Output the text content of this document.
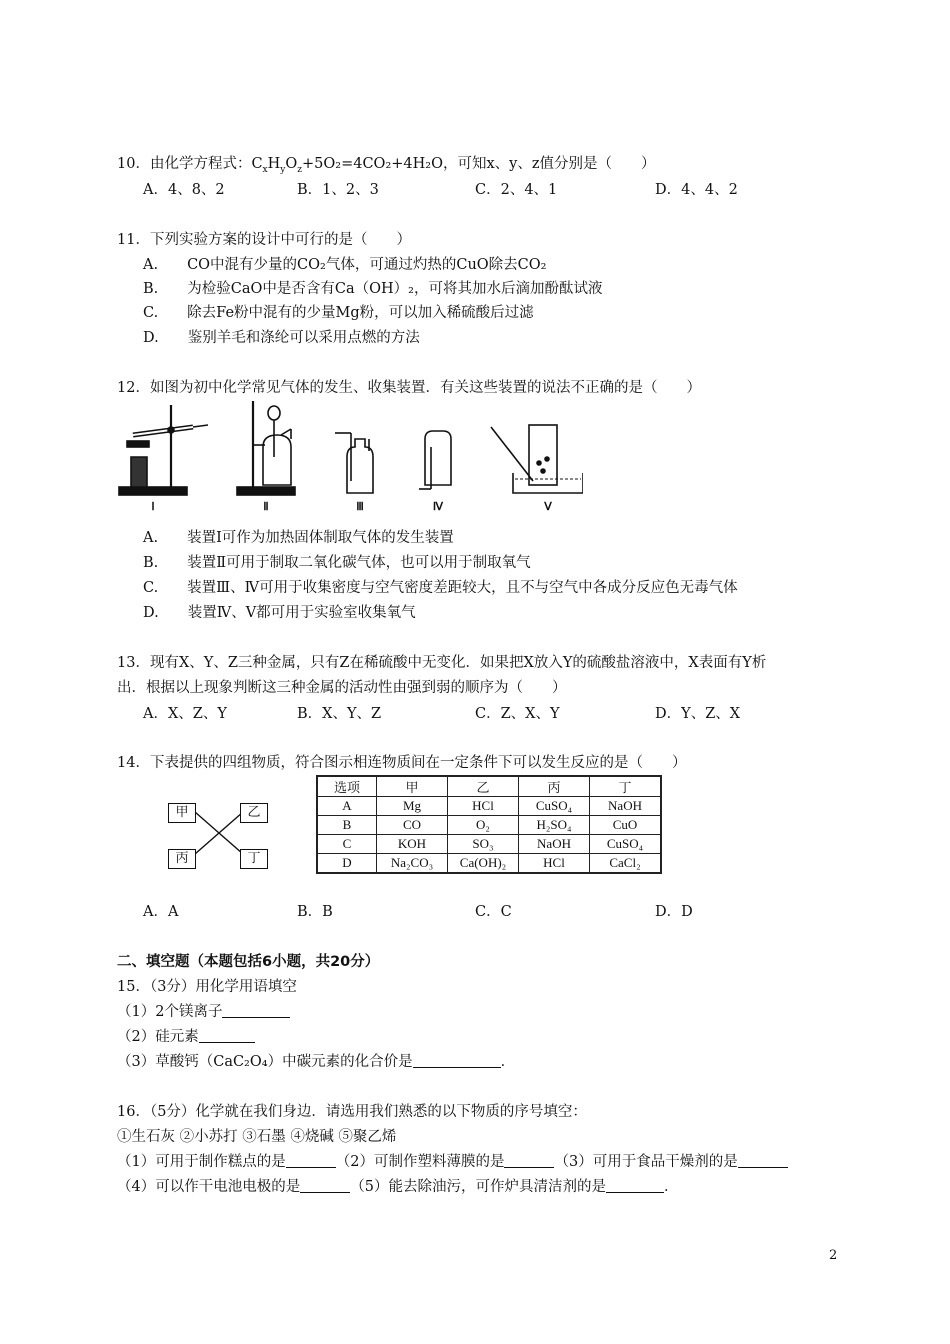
10．由化学方程式：$C_xH_yO_z+5O_2=4CO_2+4H_2O$，可知x、y、z值分别是（　　）
A．4、8、2	B．1、2、3	C．2、4、1	D．4、4、2
11．下列实验方案的设计中可行的是（　　）
A.　　CO中混有少量的CO₂气体，可通过灼热的CuO除去CO₂
B.　　为检验CaO中是否含有Ca（OH）₂，可将其加水后滴加酚酞试液
C.　　除去Fe粉中混有的少量Mg粉，可以加入稀硫酸后过滤
D.　　鉴别羊毛和涤纶可以采用点燃的方法
12．如图为初中化学常见气体的发生、收集装置．有关这些装置的说法不正确的是（　　）
Ⅰ	Ⅱ	Ⅲ	Ⅳ	Ⅴ
A.　　装置Ⅰ可作为加热固体制取气体的发生装置
B.　　装置Ⅱ可用于制取二氧化碳气体，也可以用于制取氧气
C.　　装置Ⅲ、Ⅳ可用于收集密度与空气密度差距较大，且不与空气中各成分反应色无毒气体
D.　　装置Ⅳ、Ⅴ都可用于实验室收集氧气
13．现有X、Y、Z三种金属，只有Z在稀硫酸中无变化．如果把X放入Y的硫酸盐溶液中，X表面有Y析
出．根据以上现象判断这三种金属的活动性由强到弱的顺序为（　　）
A．X、Z、Y	B．X、Y、Z	C．Z、X、Y	D．Y、Z、X
14．下表提供的四组物质，符合图示相连物质间在一定条件下可以发生反应的是（　　）
甲	乙
丙	丁
选项	甲	乙	丙	丁
A	Mg	HCl	CuSO₄	NaOH
B	CO	O₂	H₂SO₄	CuO
C	KOH	SO₃	NaOH	CuSO₄
D	Na₂CO₃	Ca(OH)₂	HCl	CaCl₂
A．A	B．B	C．C	D．D
二、填空题（本题包括6小题，共20分）
15．（3分）用化学用语填空
（1）2个镁离子
（2）硅元素
（3）草酸钙（CaC₂O₄）中碳元素的化合价是	．
16．（5分）化学就在我们身边．请选用我们熟悉的以下物质的序号填空：
①生石灰 ②小苏打 ③石墨 ④烧碱 ⑤聚乙烯
（1）可用于制作糕点的是	（2）可制作塑料薄膜的是	（3）可用于食品干燥剂的是
（4）可以作干电池电极的是	（5）能去除油污，可作炉具清洁剂的是	．
2
